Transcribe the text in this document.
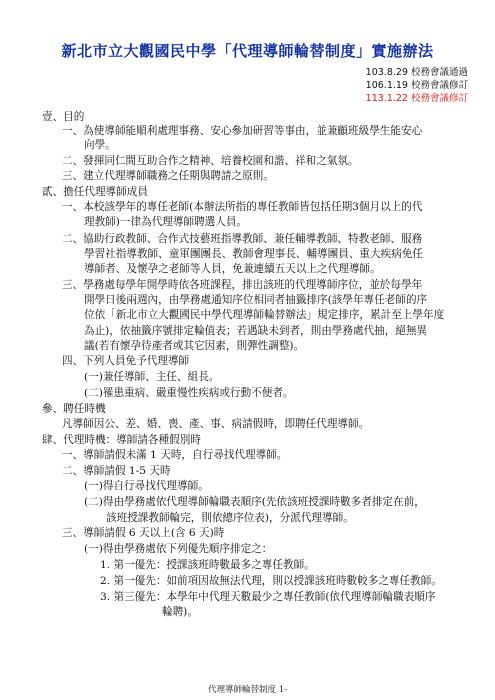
新北市立大觀國民中學「代理導師輪替制度」實施辦法
103.8.29 校務會議通過
106.1.19 校務會議修訂
113.1.22 校務會議修訂
壹、目的
一、為使導師能順利處理事務、安心參加研習等事由，並兼顧班級學生能安心
向學。
二、發揮同仁間互助合作之精神、培養校園和諧、祥和之氣氛。
三、建立代理導師職務之任期與聘請之原則。
貳、擔任代理導師成員
一、本校該學年的專任老師(本辦法所指的專任教師皆包括任期3個月以上的代
理教師)一律為代理導師聘選人員。
二、協助行政教師、合作式技藝班指導教師、兼任輔導教師、特教老師、服務
學習社指導教師、童軍團團長、教師會理事長、輔導團員、重大疾病免任
導師者、及懷孕之老師等人員，免兼連續五天以上之代理導師。
三、學務處每學年開學時依各班課程，排出該班的代理導師序位，並於每學年
開學日後兩週內，由學務處通知序位相同者抽籤排序(該學年專任老師的序
位依「新北市立大觀國民中學代理導師輪替辦法」規定排序，累計至上學年度
為止)，依抽籤序號排定輪值表；若遇缺未到者，則由學務處代抽，絕無異
議(若有懷孕待產者或其它因素，則彈性調整)。
四、下列人員免予代理導師
(一)兼任導師、主任、組長。
(二)罹患重病、嚴重慢性疾病或行動不便者。
參、聘任時機
凡導師因公、差、婚、喪、產、事、病請假時，即聘任代理導師。
肆、代理時機：導師請各種假別時
一、導師請假未滿 1 天時，自行尋找代理導師。
二、導師請假 1-5 天時
(一)得自行尋找代理導師。
(二)得由學務處依代理導師輪職表順序(先依該班授課時數多者排定在前，
該班授課教師輪完，則依總序位表)，分派代理導師。
三、導師請假 6 天以上(含 6 天)時
(一)得由學務處依下列優先順序排定之：
1. 第一優先：授課該班時數最多之專任教師。
2. 第一優先：如前項因故無法代理，則以授課該班時數較多之專任教師。
3. 第三優先：本學年中代理天數最少之專任教師(依代理導師輪職表順序
輪聘)。
代理導師輪替制度 1-
